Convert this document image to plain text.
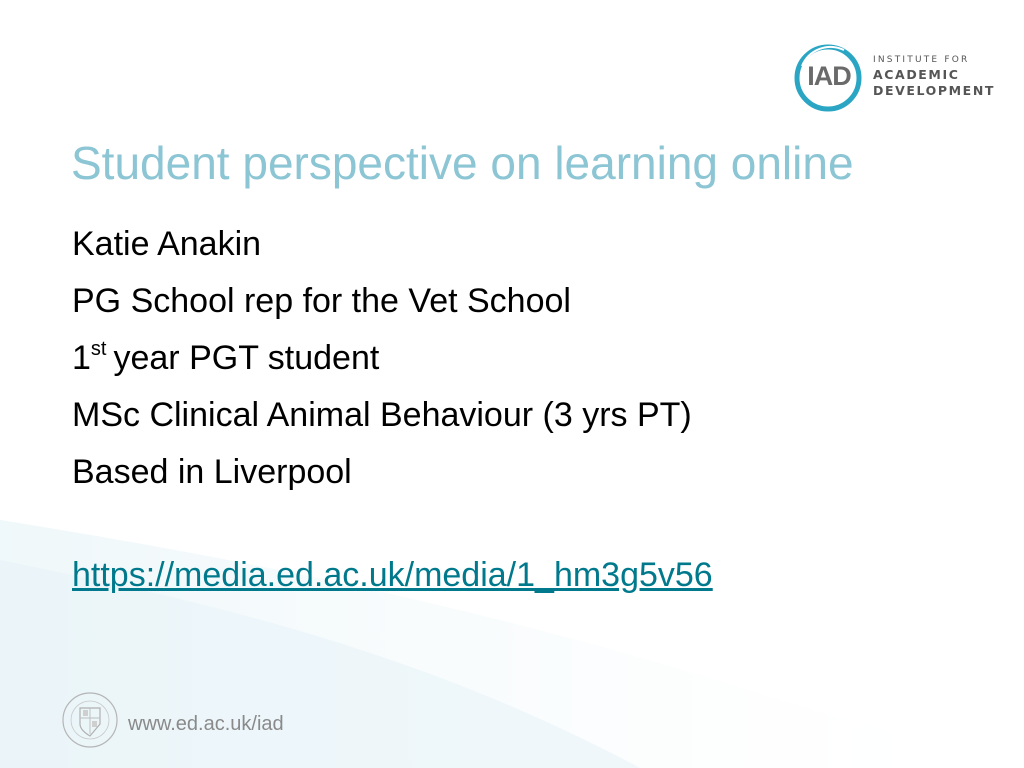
IAD
INSTITUTE FOR
ACADEMIC
DEVELOPMENT
Student perspective on learning online
Katie Anakin
PG School rep for the Vet School
1st year PGT student
MSc Clinical Animal Behaviour (3 yrs PT)
Based in Liverpool
https://media.ed.ac.uk/media/1_hm3g5v56
www.ed.ac.uk/iad
